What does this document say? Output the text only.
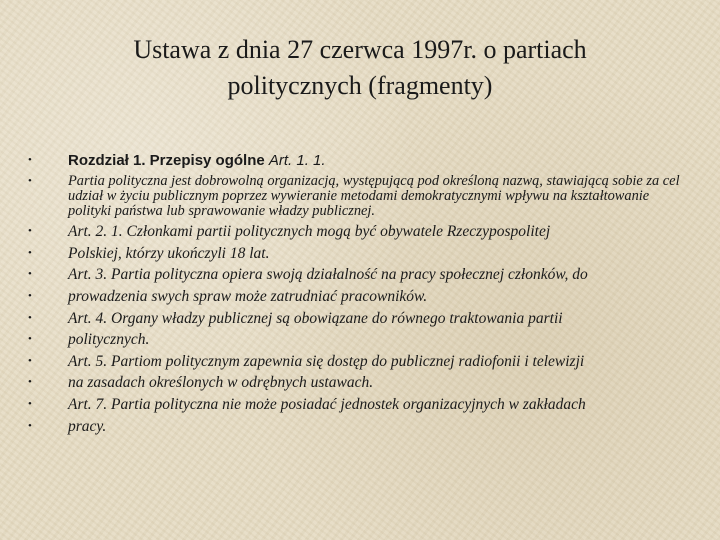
Ustawa z dnia 27 czerwca 1997r. o partiach
politycznych (fragmenty)
• Rozdział 1. Przepisy ogólne Art. 1. 1.
•	Partia polityczna jest dobrowolną organizacją, występującą pod określoną nazwą, stawiającą sobie za cel udział w życiu publicznym poprzez wywieranie metodami demokratycznymi wpływu na kształtowanie polityki państwa lub sprawowanie władzy publicznej.
• Art. 2. 1. Członkami partii politycznych mogą być obywatele Rzeczypospolitej
• Polskiej, którzy ukończyli 18 lat.
• Art. 3. Partia polityczna opiera swoją działalność na pracy społecznej członków, do
• prowadzenia swych spraw może zatrudniać pracowników.
• Art. 4. Organy władzy publicznej są obowiązane do równego traktowania partii
• politycznych.
• Art. 5. Partiom politycznym zapewnia się dostęp do publicznej radiofonii i telewizji
• na zasadach określonych w odrębnych ustawach.
• Art. 7. Partia polityczna nie może posiadać jednostek organizacyjnych w zakładach
• pracy.
